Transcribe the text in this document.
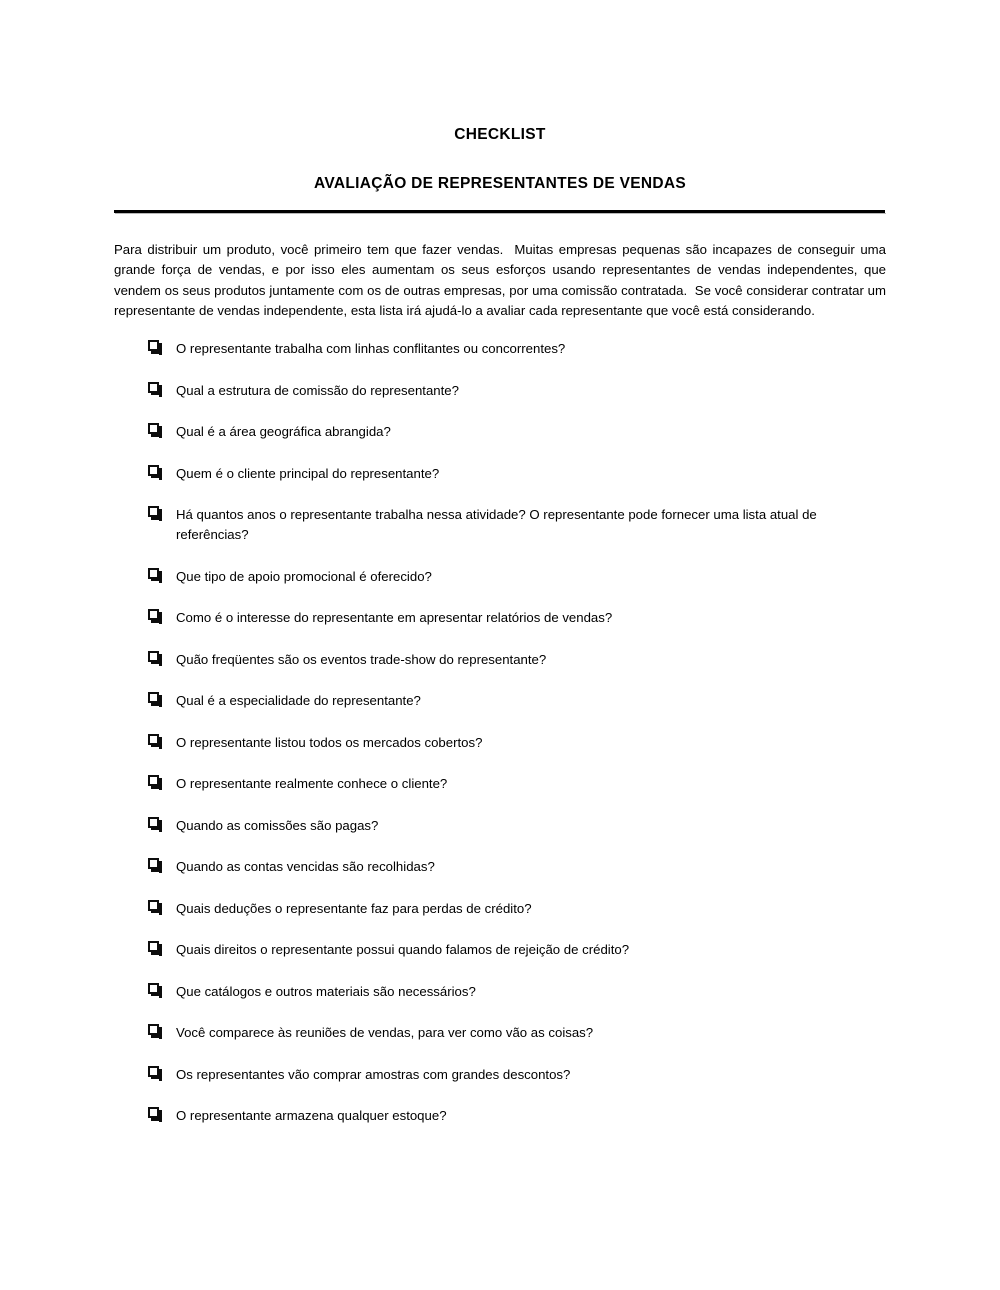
CHECKLIST
AVALIAÇÃO DE REPRESENTANTES DE VENDAS

Para distribuir um produto, você primeiro tem que fazer vendas.  Muitas empresas pequenas são incapazes de conseguir uma grande força de vendas, e por isso eles aumentam os seus esforços usando representantes de vendas independentes, que vendem os seus produtos juntamente com os de outras empresas, por uma comissão contratada.  Se você considerar contratar um representante de vendas independente, esta lista irá ajudá-lo a avaliar cada representante que você está considerando.

O representante trabalha com linhas conflitantes ou concorrentes?
Qual a estrutura de comissão do representante?
Qual é a área geográfica abrangida?
Quem é o cliente principal do representante?
Há quantos anos o representante trabalha nessa atividade? O representante pode fornecer uma lista atual de referências?
Que tipo de apoio promocional é oferecido?
Como é o interesse do representante em apresentar relatórios de vendas?
Quão freqüentes são os eventos trade-show do representante?
Qual é a especialidade do representante?
O representante listou todos os mercados cobertos?
O representante realmente conhece o cliente?
Quando as comissões são pagas?
Quando as contas vencidas são recolhidas?
Quais deduções o representante faz para perdas de crédito?
Quais direitos o representante possui quando falamos de rejeição de crédito?
Que catálogos e outros materiais são necessários?
Você comparece às reuniões de vendas, para ver como vão as coisas?
Os representantes vão comprar amostras com grandes descontos?
O representante armazena qualquer estoque?
